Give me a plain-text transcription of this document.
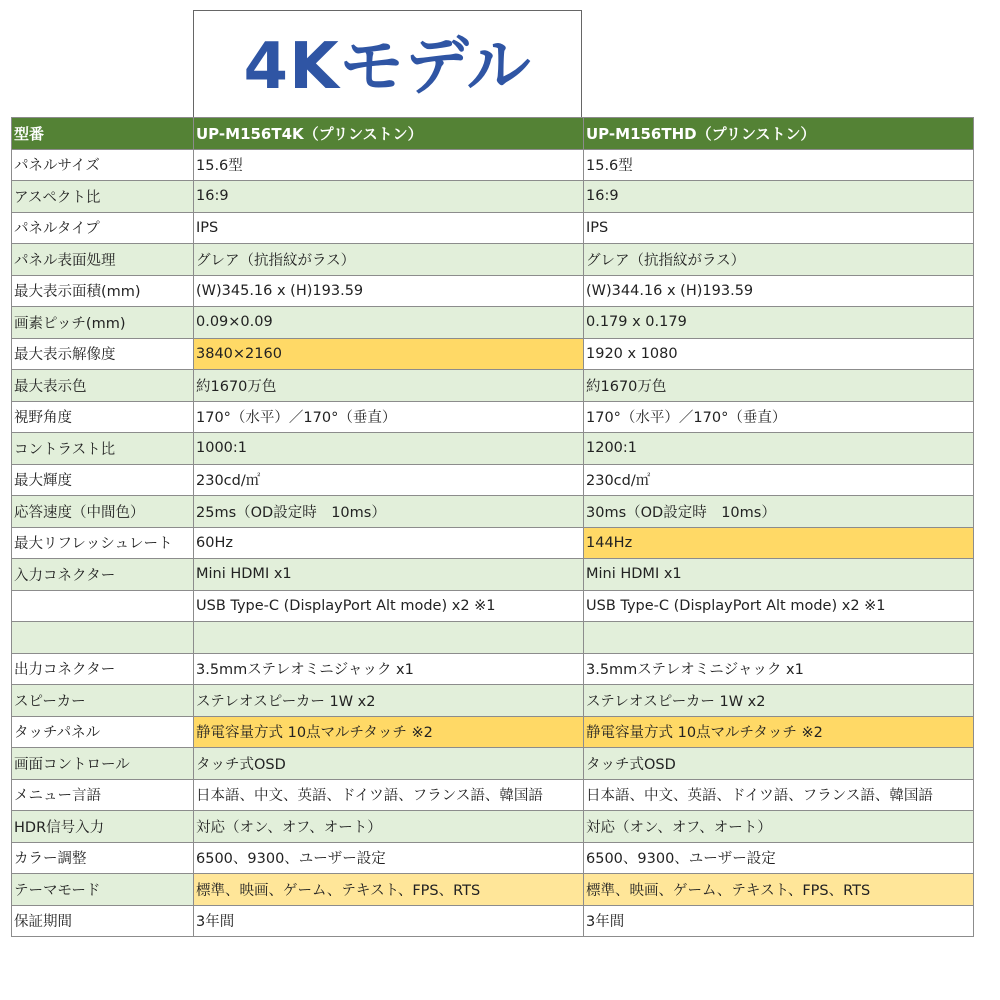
4Kモデル
型番	UP-M156T4K（プリンストン）	UP-M156THD（プリンストン）
パネルサイズ	15.6型	15.6型
アスペクト比	16:9	16:9
パネルタイプ	IPS	IPS
パネル表面処理	グレア（抗指紋がラス）	グレア（抗指紋がラス）
最大表示面積(mm)	(W)345.16 x (H)193.59	(W)344.16 x (H)193.59
画素ピッチ(mm)	0.09×0.09	0.179 x 0.179
最大表示解像度	3840×2160	1920 x 1080
最大表示色	約1670万色	約1670万色
視野角度	170°（水平）／170°（垂直）	170°（水平）／170°（垂直）
コントラスト比	1000:1	1200:1
最大輝度	230cd/㎡	230cd/㎡
応答速度（中間色）	25ms（OD設定時　10ms）	30ms（OD設定時　10ms）
最大リフレッシュレート	60Hz	144Hz
入力コネクター	Mini HDMI x1	Mini HDMI x1
	USB Type-C (DisplayPort Alt mode) x2 ※1	USB Type-C (DisplayPort Alt mode) x2 ※1

出力コネクター	3.5mmステレオミニジャック x1	3.5mmステレオミニジャック x1
スピーカー	ステレオスピーカー 1W x2	ステレオスピーカー 1W x2
タッチパネル	静電容量方式 10点マルチタッチ ※2	静電容量方式 10点マルチタッチ ※2
画面コントロール	タッチ式OSD	タッチ式OSD
メニュー言語	日本語、中文、英語、ドイツ語、フランス語、韓国語	日本語、中文、英語、ドイツ語、フランス語、韓国語
HDR信号入力	対応（オン、オフ、オート）	対応（オン、オフ、オート）
カラー調整	6500、9300、ユーザー設定	6500、9300、ユーザー設定
テーマモード	標準、映画、ゲーム、テキスト、FPS、RTS	標準、映画、ゲーム、テキスト、FPS、RTS
保証期間	3年間	3年間
